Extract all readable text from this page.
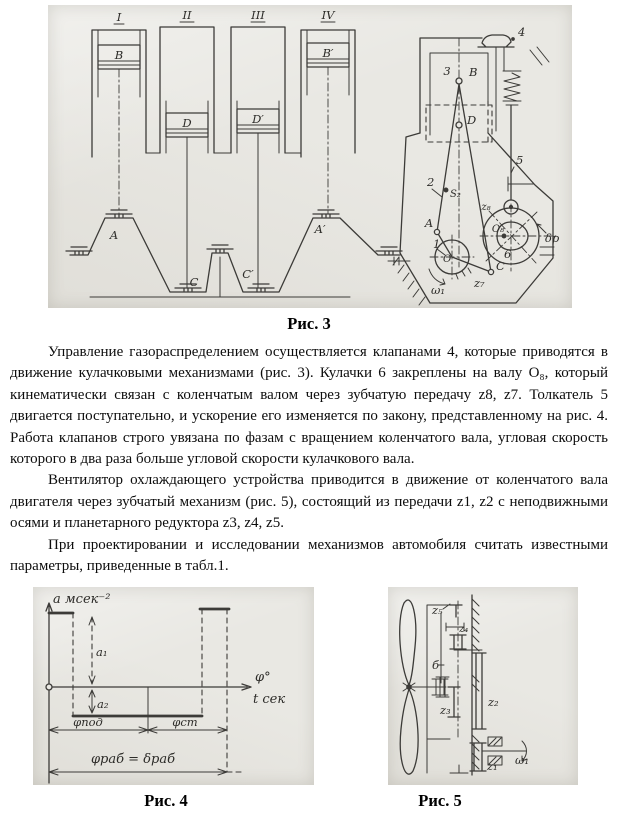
I	II	III	IV
В	В′
D	D′
А
С
С′
А′
4
5
3 В
D
S₂
2
А
1
O
ω₁	z₇
С
О₈
6
z₈
δр
Рис. 3

Управление газораспределением осуществляется клапанами 4, которые приводятся в движение кулачковыми механизмами (рис. 3). Кулачки 6 закреплены на валу О₈, который кинематически связан с коленчатым валом через зубчатую передачу z8, z7. Толкатель 5 двигается поступательно, и ускорение его изменяется по закону, представленному на рис. 4. Работа клапанов строго увязана по фазам с вращением коленчатого вала, угловая скорость которого в два раза больше угловой скорости кулачкового вала.

Вентилятор охлаждающего устройства приводится в движение от коленчатого вала двигателя через зубчатый механизм (рис. 5), состоящий из передачи z1, z2 с неподвижными осями и планетарного редуктора z3, z4, z5.

При проектировании и исследовании механизмов автомобиля считать известными параметры, приведенные в табл.1.

а мсек⁻²
φ°
t сек
а₁
а₂
φпод	φст
φраб = δраб
z₅
z₄
б
z₂
z₃
z₁ ω₁
Рис. 4	Рис. 5
